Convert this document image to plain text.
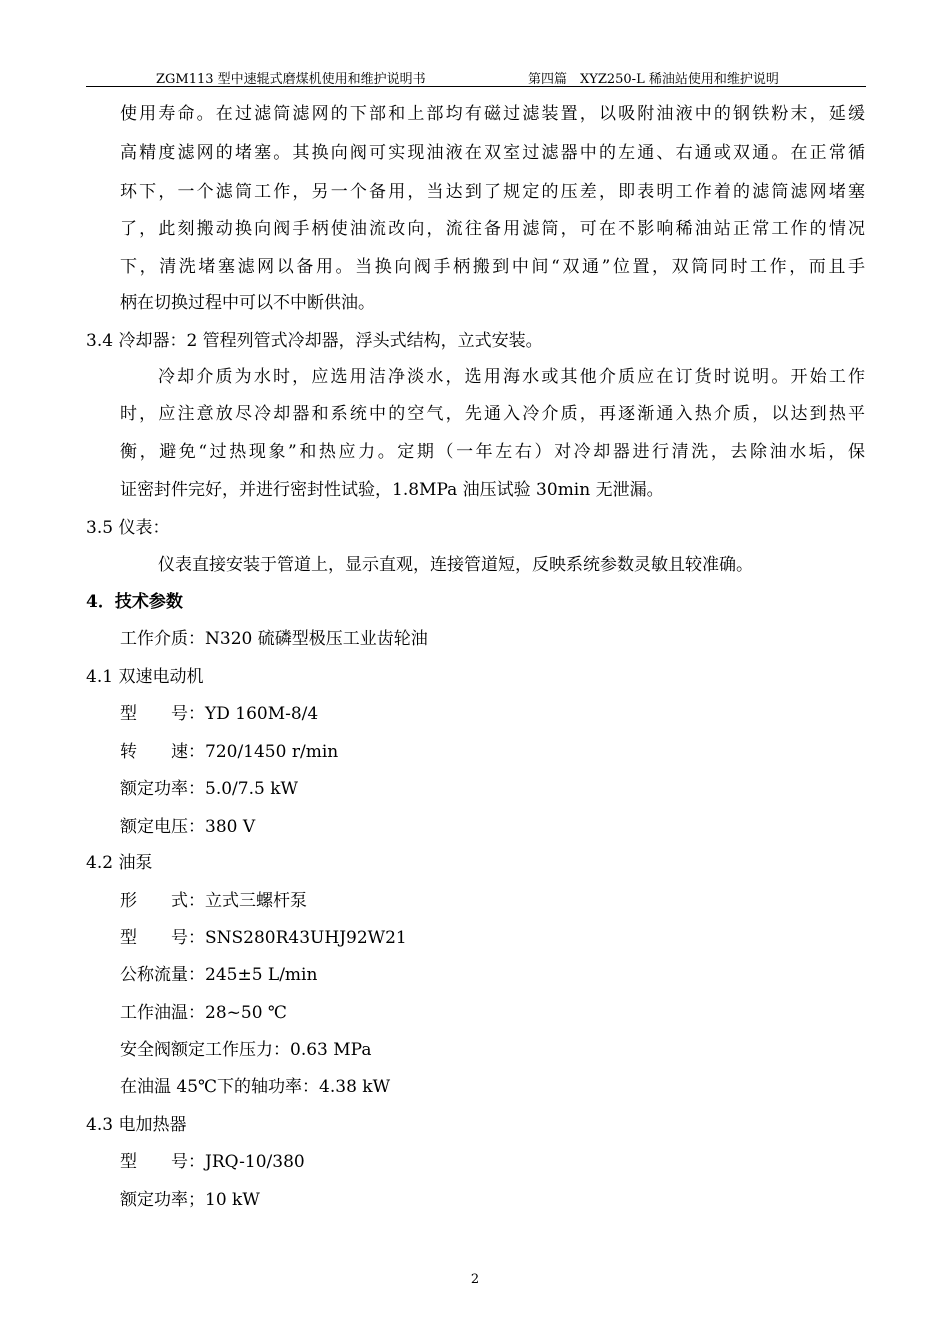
ZGM113 型中速辊式磨煤机使用和维护说明书	第四篇　XYZ250-L 稀油站使用和维护说明
使用寿命。在过滤筒滤网的下部和上部均有磁过滤装置，以吸附油液中的钢铁粉末，延缓
高精度滤网的堵塞。其换向阀可实现油液在双室过滤器中的左通、右通或双通。在正常循
环下，一个滤筒工作，另一个备用，当达到了规定的压差，即表明工作着的滤筒滤网堵塞
了，此刻搬动换向阀手柄使油流改向，流往备用滤筒，可在不影响稀油站正常工作的情况
下，清洗堵塞滤网以备用。当换向阀手柄搬到中间“双通”位置，双筒同时工作，而且手
柄在切换过程中可以不中断供油。
3.4 冷却器：2 管程列管式冷却器，浮头式结构，立式安装。
冷却介质为水时，应选用洁净淡水，选用海水或其他介质应在订货时说明。开始工作
时，应注意放尽冷却器和系统中的空气，先通入冷介质，再逐渐通入热介质，以达到热平
衡，避免“过热现象”和热应力。定期（一年左右）对冷却器进行清洗，去除油水垢，保
证密封件完好，并进行密封性试验，1.8MPa 油压试验 30min 无泄漏。
3.5 仪表：
仪表直接安装于管道上，显示直观，连接管道短，反映系统参数灵敏且较准确。
4．技术参数
工作介质：N320 硫磷型极压工业齿轮油
4.1 双速电动机
型　　号：YD 160M-8/4
转　　速：720/1450 r/min
额定功率：5.0/7.5 kW
额定电压：380 V
4.2 油泵
形　　式：立式三螺杆泵
型　　号：SNS280R43UHJ92W21
公称流量：245±5 L/min
工作油温：28~50 ℃
安全阀额定工作压力：0.63 MPa
在油温 45℃下的轴功率：4.38 kW
4.3 电加热器
型　　号：JRQ-10/380
额定功率；10 kW
2
